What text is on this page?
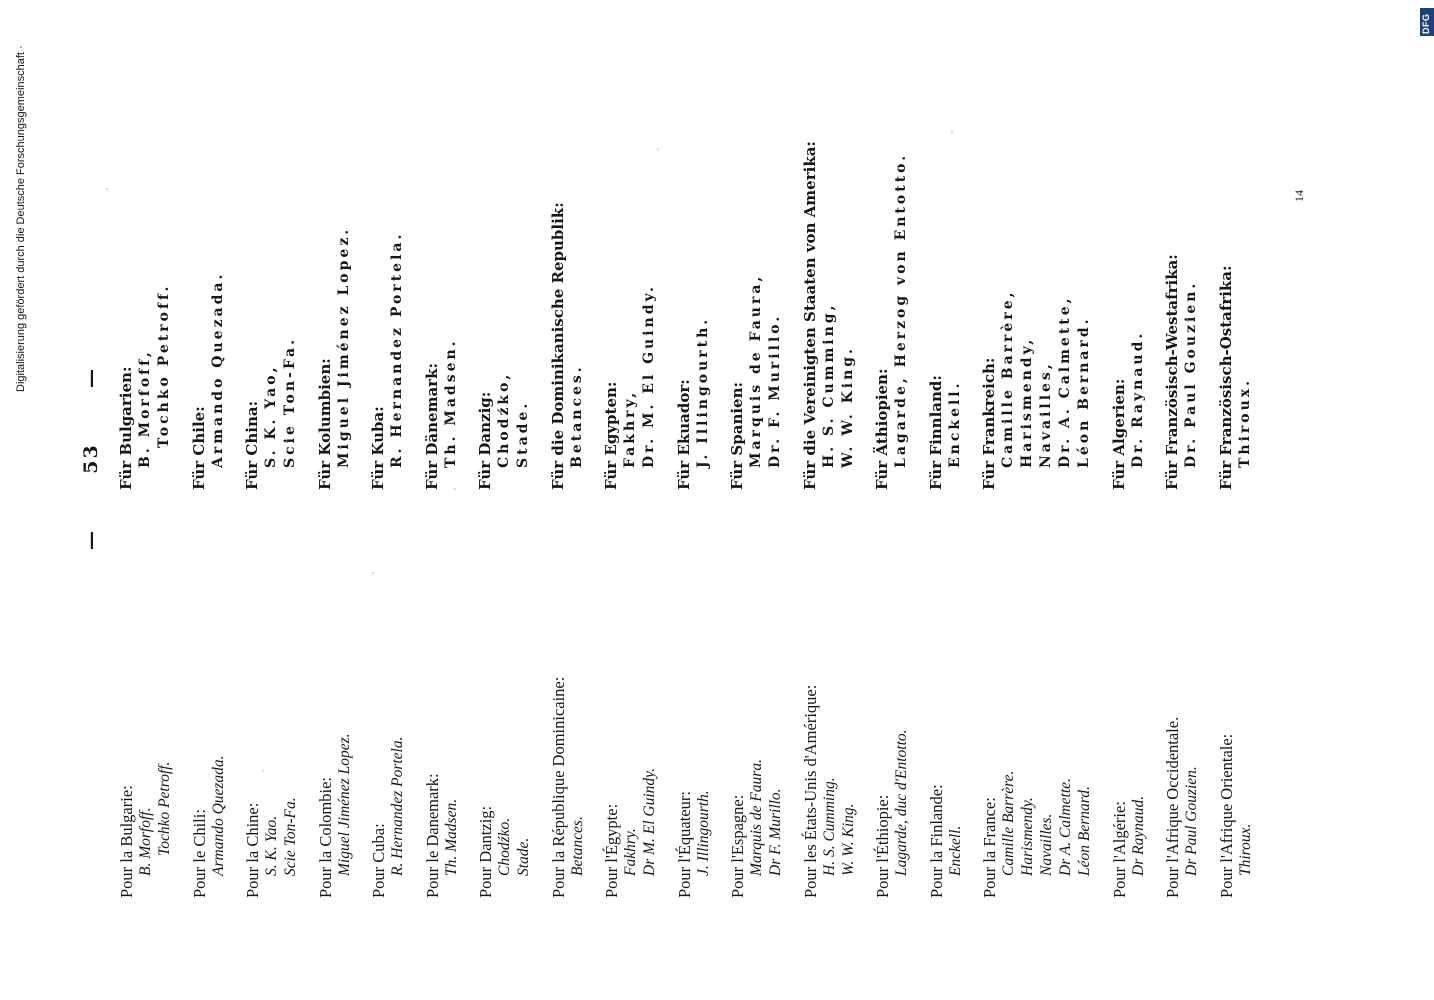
—  53  —
Pour la Bulgarie: B. Morfoff. Tochko Petroff. Pour le Chili: Armando Quezada. Pour la Chine: S. K. Yao. Scie Ton-Fa. Pour la Colombie: Miguel Jiménez Lopez. Pour Cuba: R. Hernandez Portela. Pour le Danemark: Th. Madsen. Pour Dantzig: Chodźko. Stade. Pour la République Dominicaine: Betances. Pour l'Égypte: Fakhry. Dr M. El Guindy. Pour l'Équateur: J. Illingourth. Pour l'Espagne: Marquis de Faura. Dr F. Murillo. Pour les États-Unis d'Amérique: H. S. Cumming. W. W. King. Pour l'Éthiopie: Lagarde, duc d'Entotto. Pour la Finlande: Enckell. Pour la France: Camille Barrère. Harismendy. Navailles. Dr A. Calmette. Léon Bernard. Pour l'Algérie: Dr Raynaud. Pour l'Afrique Occidentale. Dr Paul Gouzien. Pour l'Afrique Orientale: Thiroux.
Für Bulgarien: B. Morfoff, Tochko Petroff.
Für Chile: Armando Quezada. Für China: S. K. Yao, Scie Ton-Fa. Für Kolumbien: Miguel Jiménez Lopez. Für Kuba: R. Hernandez Portela. Für Dänemark: Th. Madsen. Für Danzig: Chodźko, Stade. Für die Dominikanische Republik: Betances. Für Egypten: Fakhry, Dr. M. El Guindy. Für Ekuador: J. Illingourth. Für Spanien: Marquis de Faura, Dr. F. Murillo. Für die Vereinigten Staaten von Amerika: H. S. Cumming, W. W. King. Für Äthiopien: Lagarde, Herzog von Entotto. Für Finnland: Enckell. Für Frankreich: Camille Barrère, Harismendy, Navailles, Dr. A. Calmette, Léon Bernard. Für Algerien: Dr. Raynaud. Für Französisch-Westafrika: Dr. Paul Gouzien. Für Französisch-Ostafrika: Thiroux.
14
DFG
Digitalisierung gefördert durch die Deutsche Forschungsgemeinschaft ·
